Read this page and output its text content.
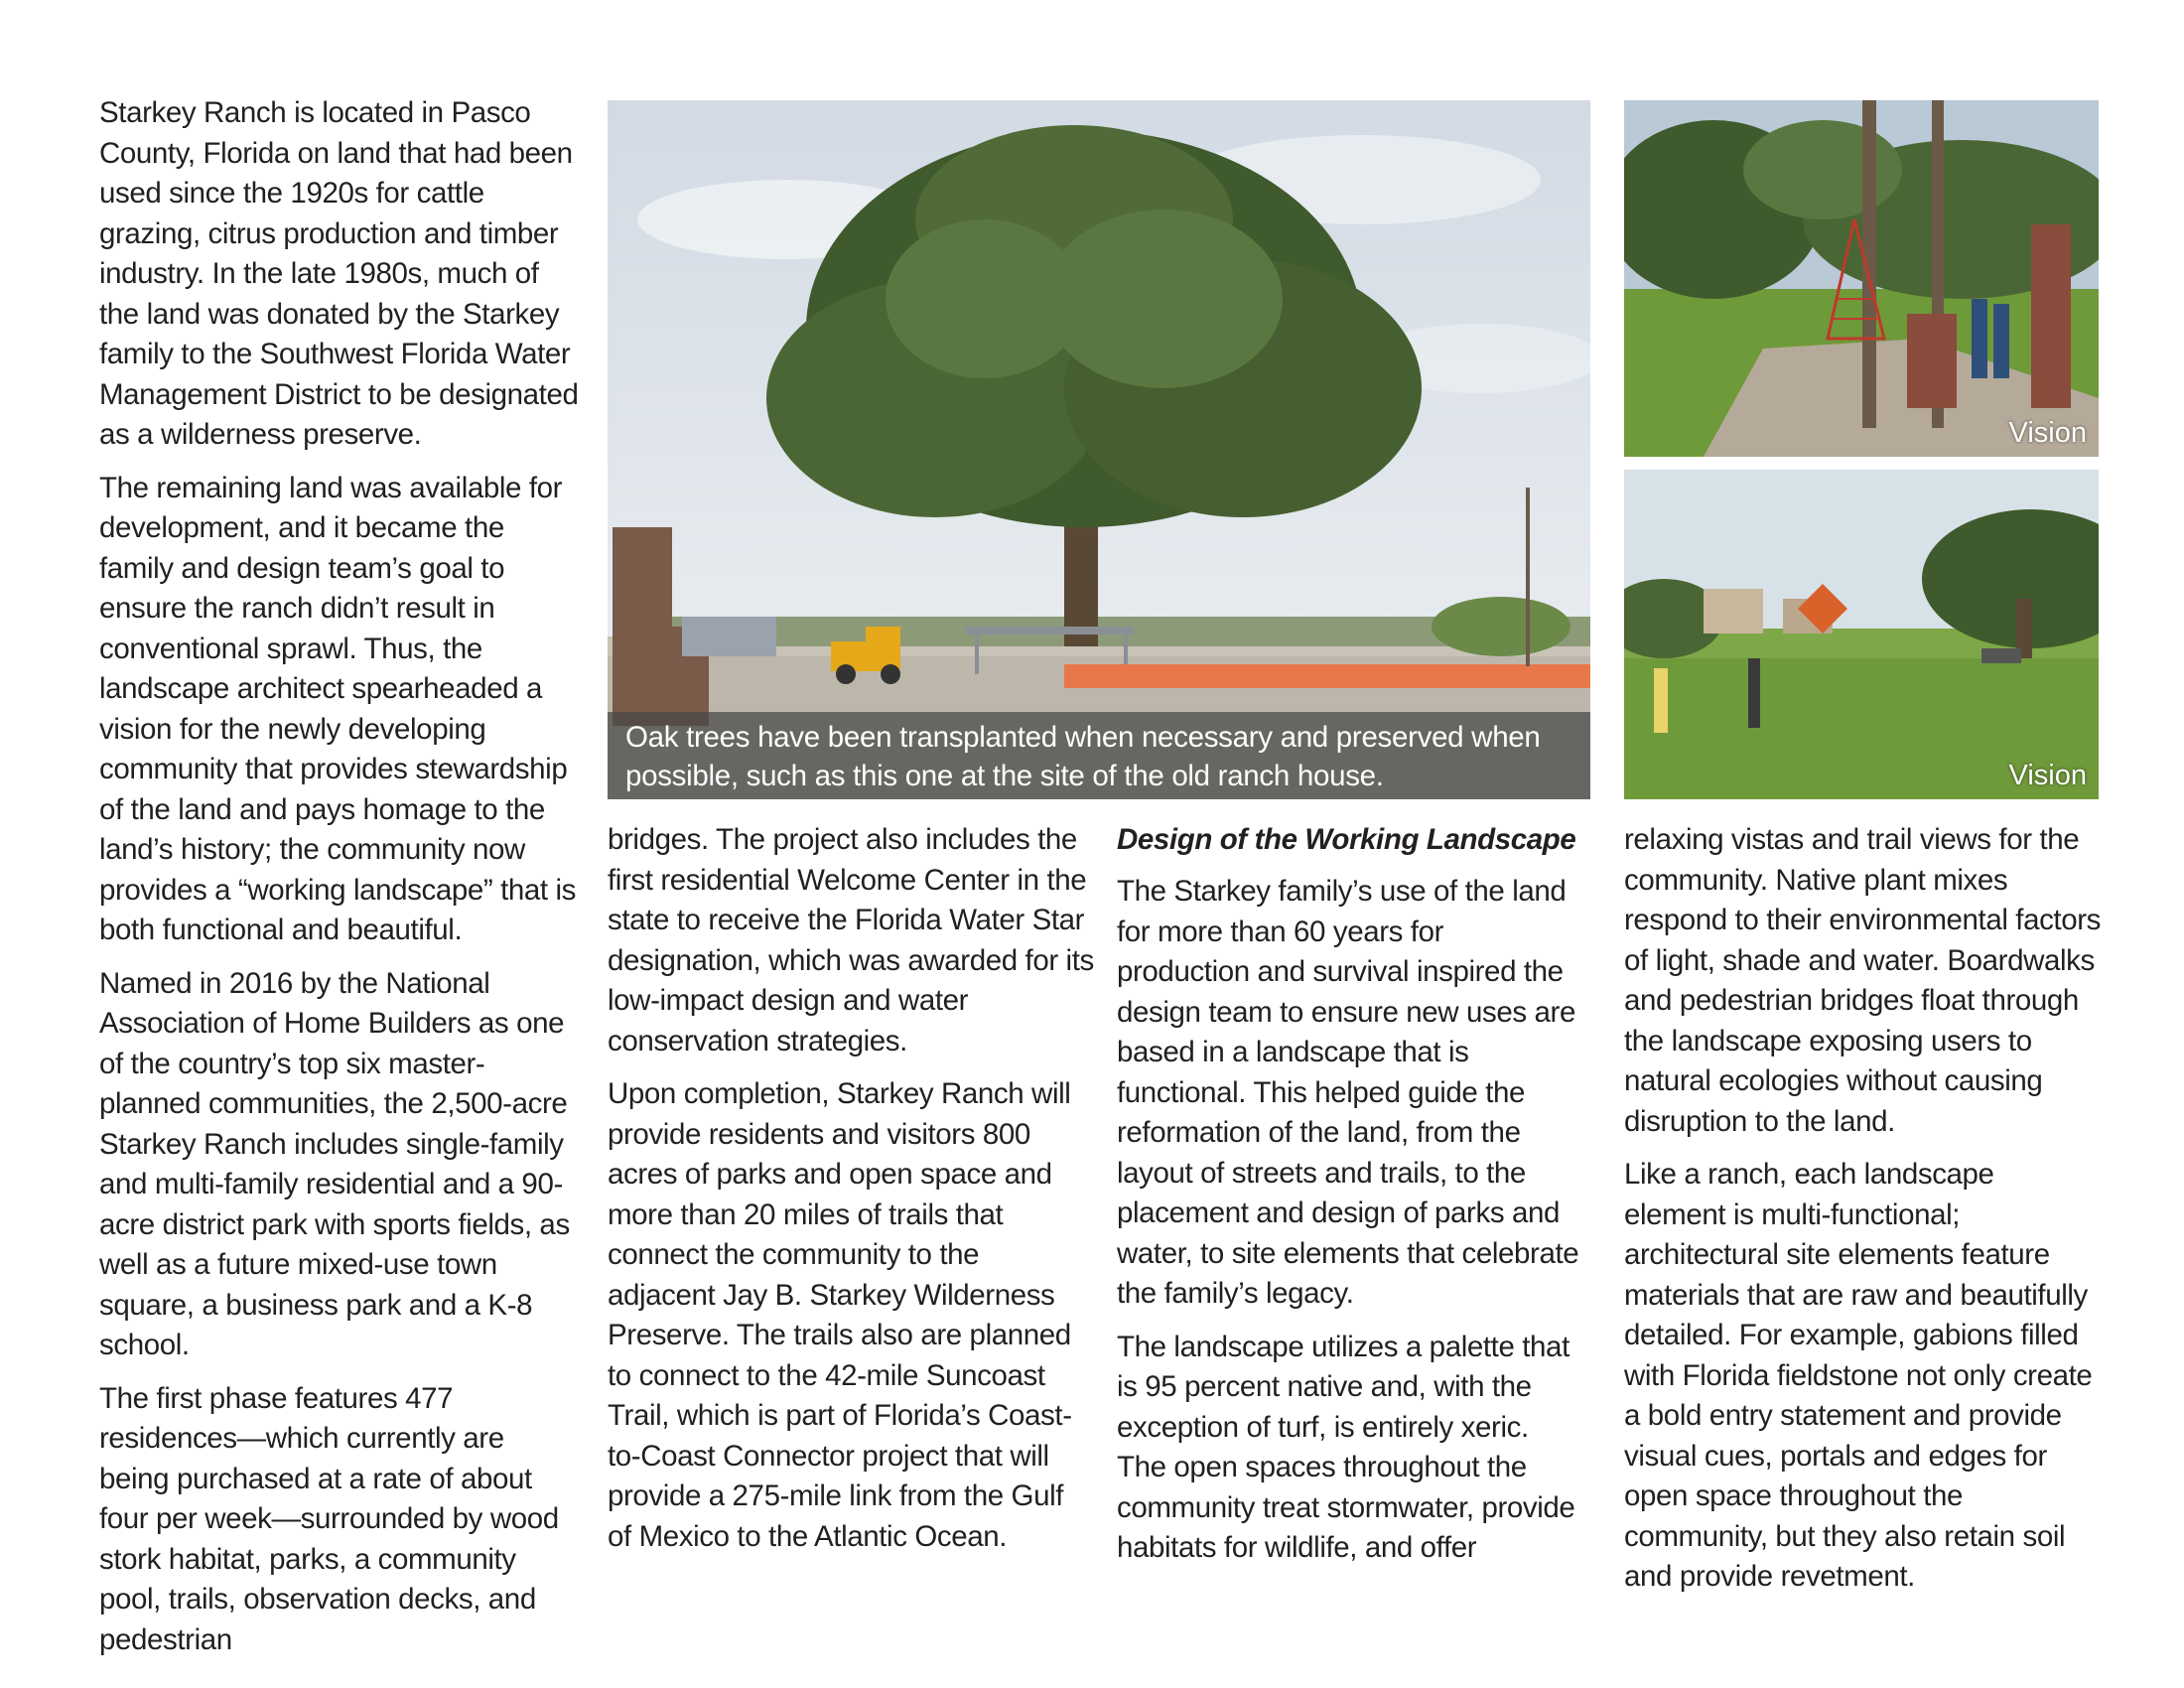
Starkey Ranch is located in Pasco County, Florida on land that had been used since the 1920s for cattle grazing, citrus production and timber industry. In the late 1980s, much of the land was donated by the Starkey family to the Southwest Florida Water Management District to be designated as a wilderness preserve.

The remaining land was available for development, and it became the family and design team’s goal to ensure the ranch didn’t result in conventional sprawl. Thus, the landscape architect spearheaded a vision for the newly developing community that provides stewardship of the land and pays homage to the land’s history; the community now provides a “working landscape” that is both functional and beautiful.

Named in 2016 by the National Association of Home Builders as one of the country’s top six master-planned communities, the 2,500-acre Starkey Ranch includes single-family and multi-family residential and a 90-acre district park with sports fields, as well as a future mixed-use town square, a business park and a K-8 school.

The first phase features 477 residences—which currently are being purchased at a rate of about four per week—surrounded by wood stork habitat, parks, a community pool, trails, observation decks, and pedestrian

Oak trees have been transplanted when necessary and preserved when possible, such as this one at the site of the old ranch house.
Vision
Vision

bridges. The project also includes the first residential Welcome Center in the state to receive the Florida Water Star designation, which was awarded for its low-impact design and water conservation strategies.

Upon completion, Starkey Ranch will provide residents and visitors 800 acres of parks and open space and more than 20 miles of trails that connect the community to the adjacent Jay B. Starkey Wilderness Preserve. The trails also are planned to connect to the 42-mile Suncoast Trail, which is part of Florida’s Coast-to-Coast Connector project that will provide a 275-mile link from the Gulf of Mexico to the Atlantic Ocean.

Design of the Working Landscape

The Starkey family’s use of the land for more than 60 years for production and survival inspired the design team to ensure new uses are based in a landscape that is functional. This helped guide the reformation of the land, from the layout of streets and trails, to the placement and design of parks and water, to site elements that celebrate the family’s legacy.

The landscape utilizes a palette that is 95 percent native and, with the exception of turf, is entirely xeric. The open spaces throughout the community treat stormwater, provide habitats for wildlife, and offer

relaxing vistas and trail views for the community. Native plant mixes respond to their environmental factors of light, shade and water. Boardwalks and pedestrian bridges float through the landscape exposing users to natural ecologies without causing disruption to the land.

Like a ranch, each landscape element is multi-functional; architectural site elements feature materials that are raw and beautifully detailed. For example, gabions filled with Florida fieldstone not only create a bold entry statement and provide visual cues, portals and edges for open space throughout the community, but they also retain soil and provide revetment.
